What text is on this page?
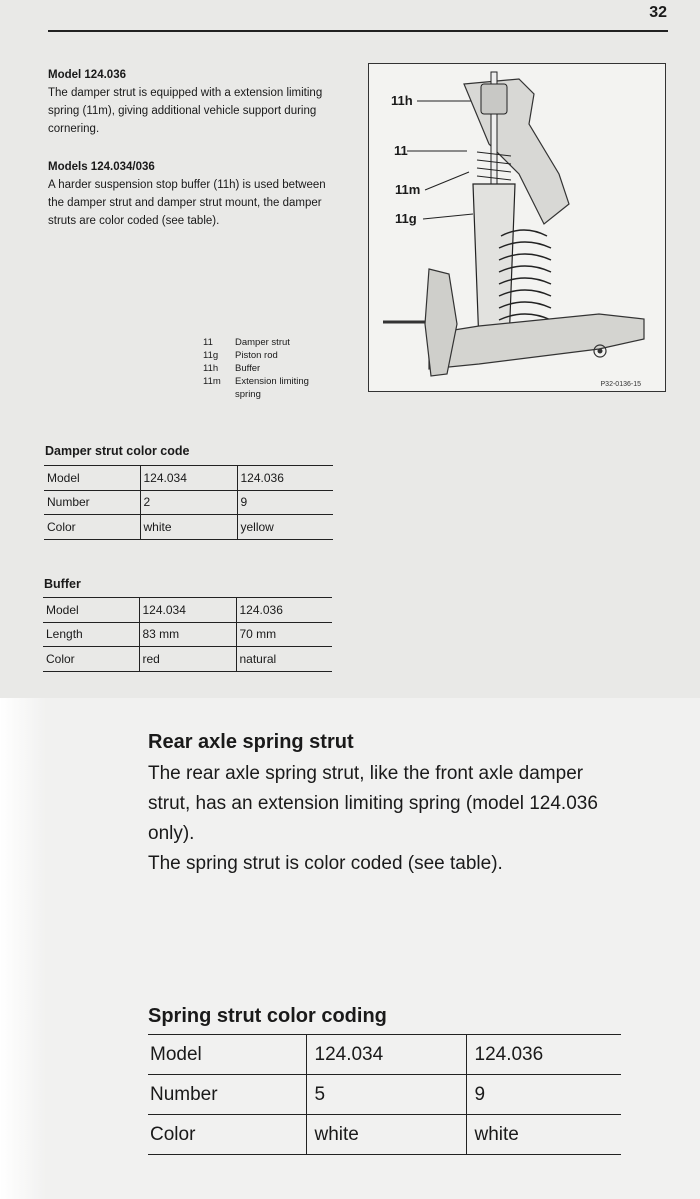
32
Model 124.036
The damper strut is equipped with a extension limiting spring (11m), giving additional vehicle support during cornering.
Models 124.034/036
A harder suspension stop buffer (11h) is used between the damper strut and damper strut mount, the damper struts are color coded (see table).
11h
11
11m
11g
P32-0136-15
11	Damper strut
11g	Piston rod
11h	Buffer
11m	Extension limiting spring
Damper strut color code
Model	124.034	124.036
Number	2	9
Color	white	yellow
Buffer
Model	124.034	124.036
Length	83 mm	70 mm
Color	red	natural
Rear axle spring strut
The rear axle spring strut, like the front axle damper strut, has an extension limiting spring (model 124.036 only).
The spring strut is color coded (see table).
Spring strut color coding
Model	124.034	124.036
Number	5	9
Color	white	white
